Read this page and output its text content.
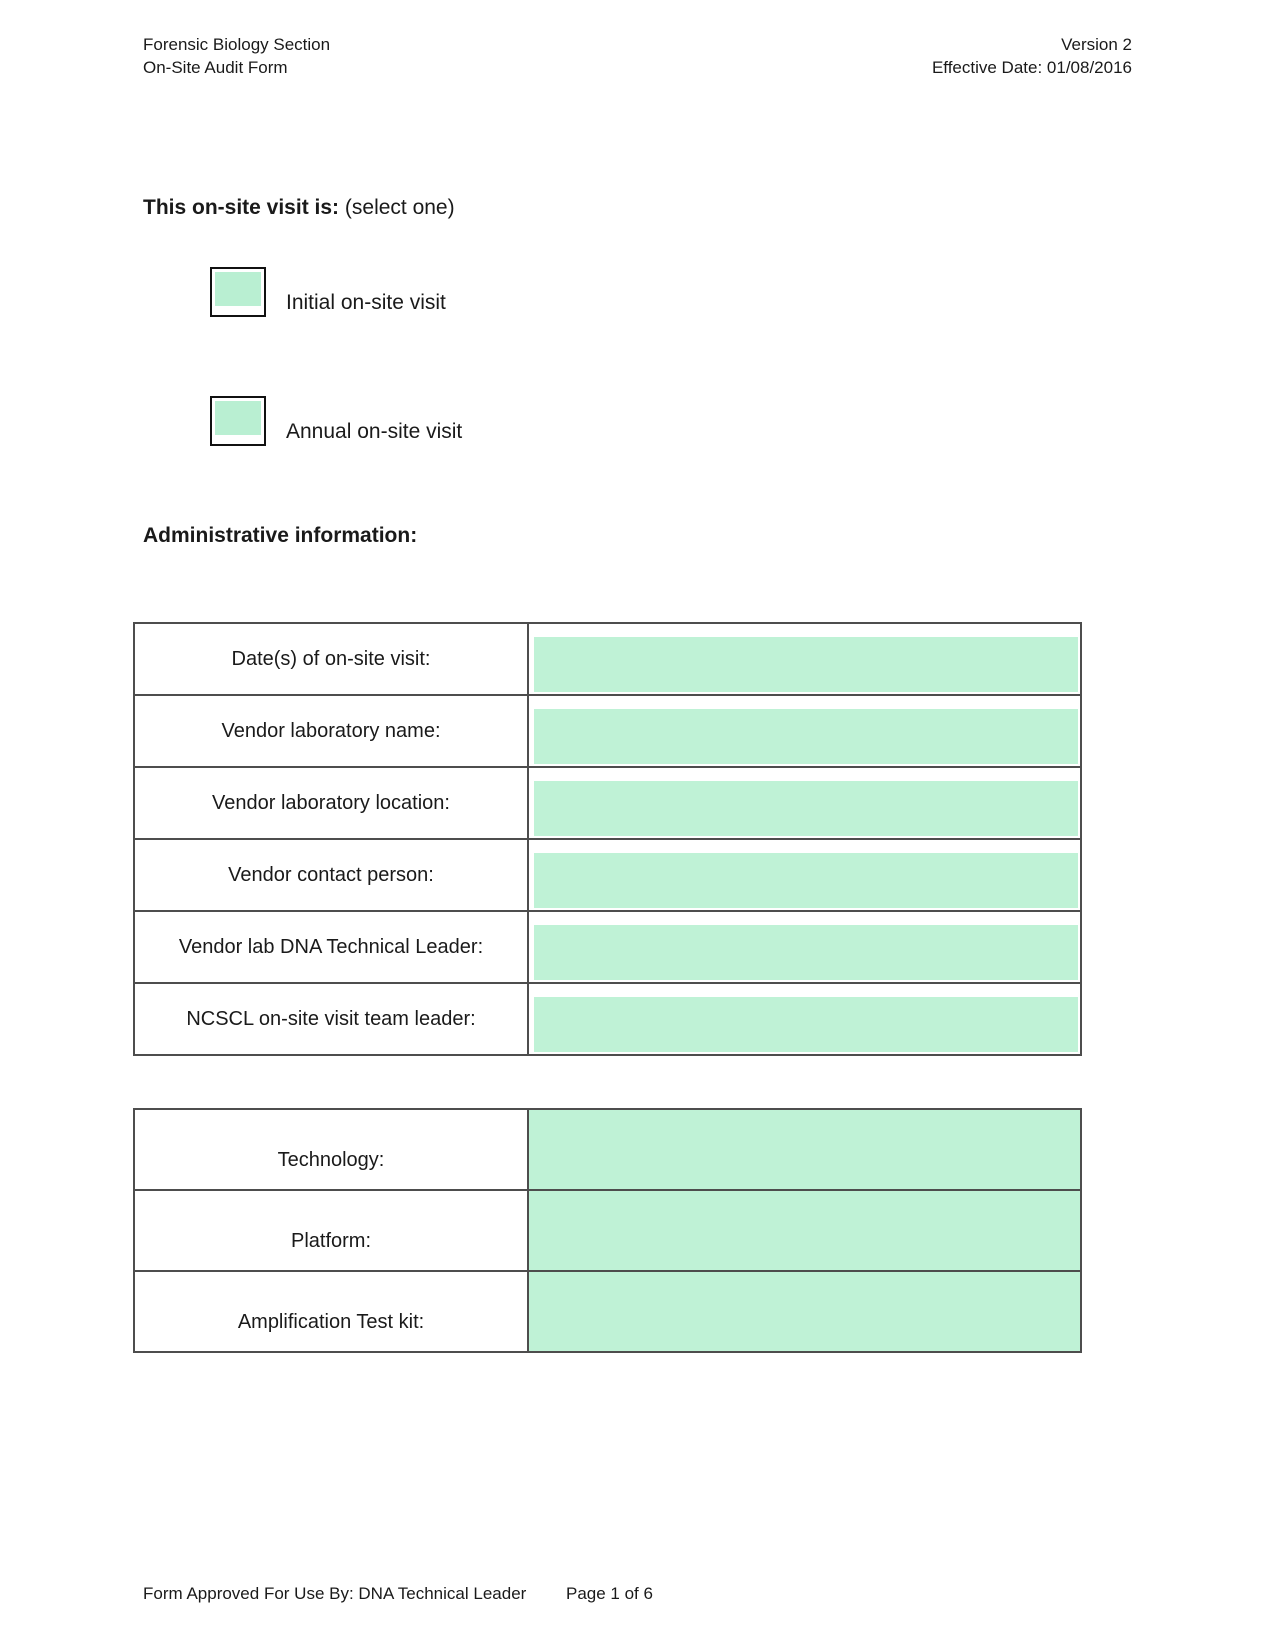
Forensic Biology Section
On-Site Audit Form
Version 2
Effective Date: 01/08/2016
This on-site visit is: (select one)
Initial on-site visit
Annual on-site visit
Administrative information:
Date(s) of on-site visit:	

Vendor laboratory name:	

Vendor laboratory location:	

Vendor contact person:	

Vendor lab DNA Technical Leader:	

NCSCL on-site visit team leader:	
Technology:	

Platform:	

Amplification Test kit:	
Form Approved For Use By: DNA Technical Leader Page 1 of 6
